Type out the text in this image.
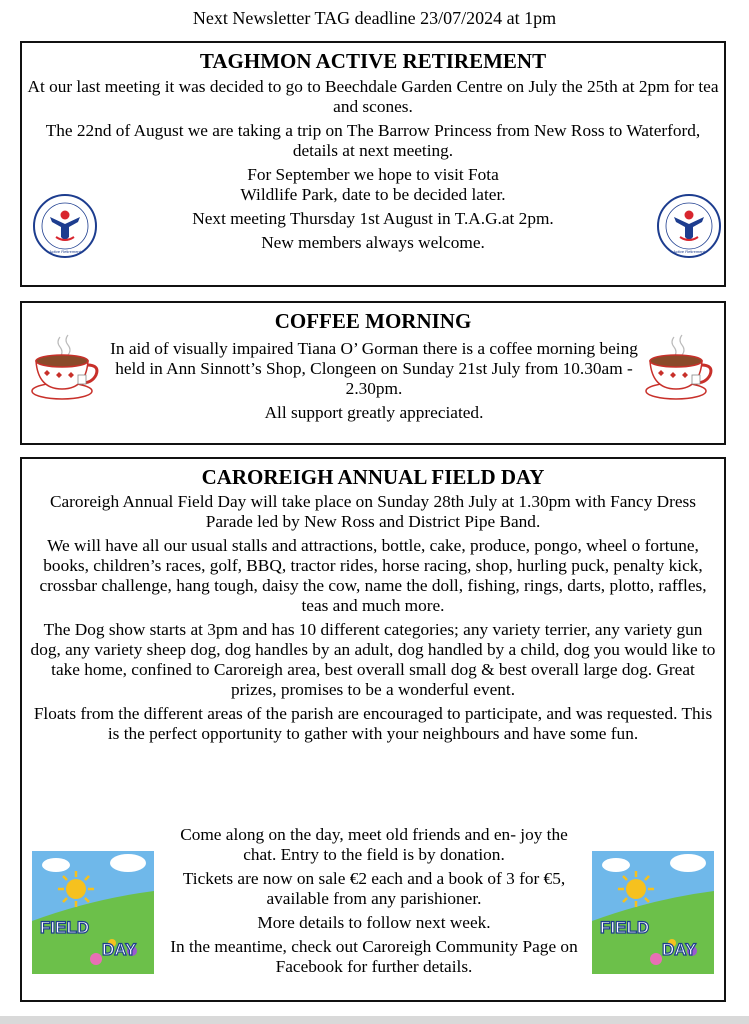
Next Newsletter TAG deadline 23/07/2024 at 1pm
TAGHMON ACTIVE RETIREMENT

At our last meeting it was decided to go to Beechdale Garden Centre on July the 25th at 2pm for tea and scones.

The 22nd of August we are taking a trip on The Barrow Princess from New Ross to Waterford, details at next meeting.

For September we hope to visit Fota Wildlife Park, date to be decided later.

Next meeting Thursday 1st August in T.A.G.at 2pm.

New members always welcome.

Active Retirement	Active Retirement
COFFEE MORNING

In aid of visually impaired Tiana O’ Gorman there is a coffee morning being held in Ann Sinnott’s Shop, Clongeen on Sunday 21st July from 10.30am - 2.30pm.

All support greatly appreciated.

CAROREIGH ANNUAL FIELD DAY

Caroreigh Annual Field Day will take place on Sunday 28th July at 1.30pm with Fancy Dress Parade led by New Ross and District Pipe Band.

We will have all our usual stalls and attractions, bottle, cake, produce, pongo, wheel o fortune, books, children’s races, golf, BBQ, tractor rides, horse racing, shop, hurling puck, penalty kick, crossbar challenge, hang tough, daisy the cow, name the doll, fishing, rings, darts, plotto, raffles, teas and much more.

The Dog show starts at 3pm and has 10 different categories; any variety terrier, any variety gun dog, any variety sheep dog, dog handles by an adult, dog handled by a child, dog you would like to take home, confined to Caroreigh area, best overall small dog & best overall large dog. Great prizes, promises to be a wonderful event.

Floats from the different areas of the parish are encouraged to participate, and was requested. This is the perfect opportunity to gather with your neighbours and have some fun.

Come along on the day, meet old friends and en- joy the chat. Entry to the field is by donation.

Tickets are now on sale €2 each and a book of 3 for €5, available from any parishioner.

More details to follow next week.

In the meantime, check out Caroreigh Community Page on Facebook for further details.

FIELD
DAY
FIELD
DAY
